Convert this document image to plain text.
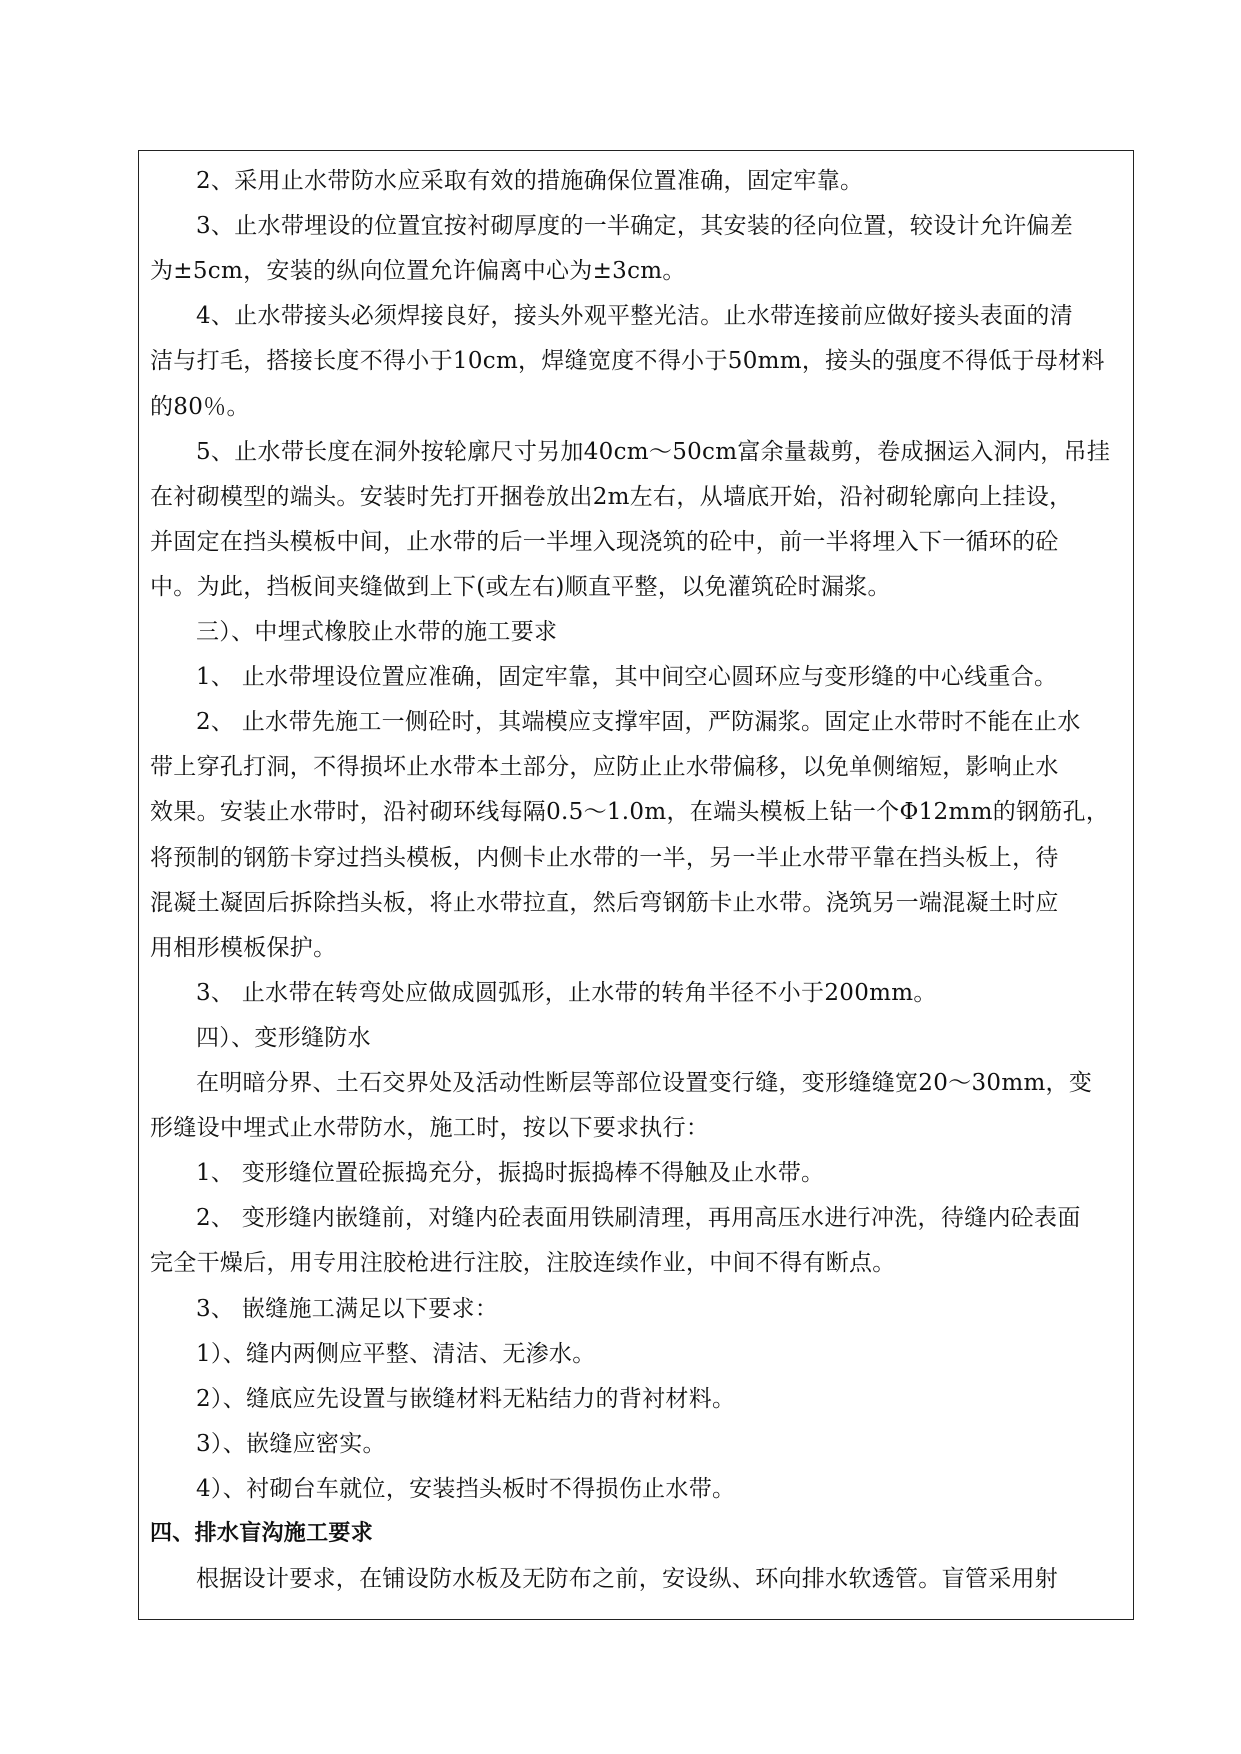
2、采用止水带防水应采取有效的措施确保位置准确，固定牢靠。
3、止水带埋设的位置宜按衬砌厚度的一半确定，其安装的径向位置，较设计允许偏差
为±5cm，安装的纵向位置允许偏离中心为±3cm。
4、止水带接头必须焊接良好，接头外观平整光洁。止水带连接前应做好接头表面的清
洁与打毛，搭接长度不得小于10cm，焊缝宽度不得小于50mm，接头的强度不得低于母材料
的80％。
5、止水带长度在洞外按轮廓尺寸另加40cm～50cm富余量裁剪，卷成捆运入洞内，吊挂
在衬砌模型的端头。安装时先打开捆卷放出2m左右，从墙底开始，沿衬砌轮廓向上挂设，
并固定在挡头模板中间，止水带的后一半埋入现浇筑的砼中，前一半将埋入下一循环的砼
中。为此，挡板间夹缝做到上下(或左右)顺直平整，以免灌筑砼时漏浆。
三）、中埋式橡胶止水带的施工要求
1、 止水带埋设位置应准确，固定牢靠，其中间空心圆环应与变形缝的中心线重合。
2、 止水带先施工一侧砼时，其端模应支撑牢固，严防漏浆。固定止水带时不能在止水
带上穿孔打洞，不得损坏止水带本土部分，应防止止水带偏移，以免单侧缩短，影响止水
效果。安装止水带时，沿衬砌环线每隔0.5～1.0m，在端头模板上钻一个Φ12mm的钢筋孔，
将预制的钢筋卡穿过挡头模板，内侧卡止水带的一半，另一半止水带平靠在挡头板上，待
混凝土凝固后拆除挡头板，将止水带拉直，然后弯钢筋卡止水带。浇筑另一端混凝土时应
用相形模板保护。
3、 止水带在转弯处应做成圆弧形，止水带的转角半径不小于200mm。
四）、变形缝防水
在明暗分界、土石交界处及活动性断层等部位设置变行缝，变形缝缝宽20～30mm，变
形缝设中埋式止水带防水，施工时，按以下要求执行：
1、 变形缝位置砼振捣充分，振捣时振捣棒不得触及止水带。
2、 变形缝内嵌缝前，对缝内砼表面用铁刷清理，再用高压水进行冲洗，待缝内砼表面
完全干燥后，用专用注胶枪进行注胶，注胶连续作业，中间不得有断点。
3、 嵌缝施工满足以下要求：
1）、缝内两侧应平整、清洁、无渗水。
2）、缝底应先设置与嵌缝材料无粘结力的背衬材料。
3）、嵌缝应密实。
4）、衬砌台车就位，安装挡头板时不得损伤止水带。
四、排水盲沟施工要求
根据设计要求，在铺设防水板及无防布之前，安设纵、环向排水软透管。盲管采用射
